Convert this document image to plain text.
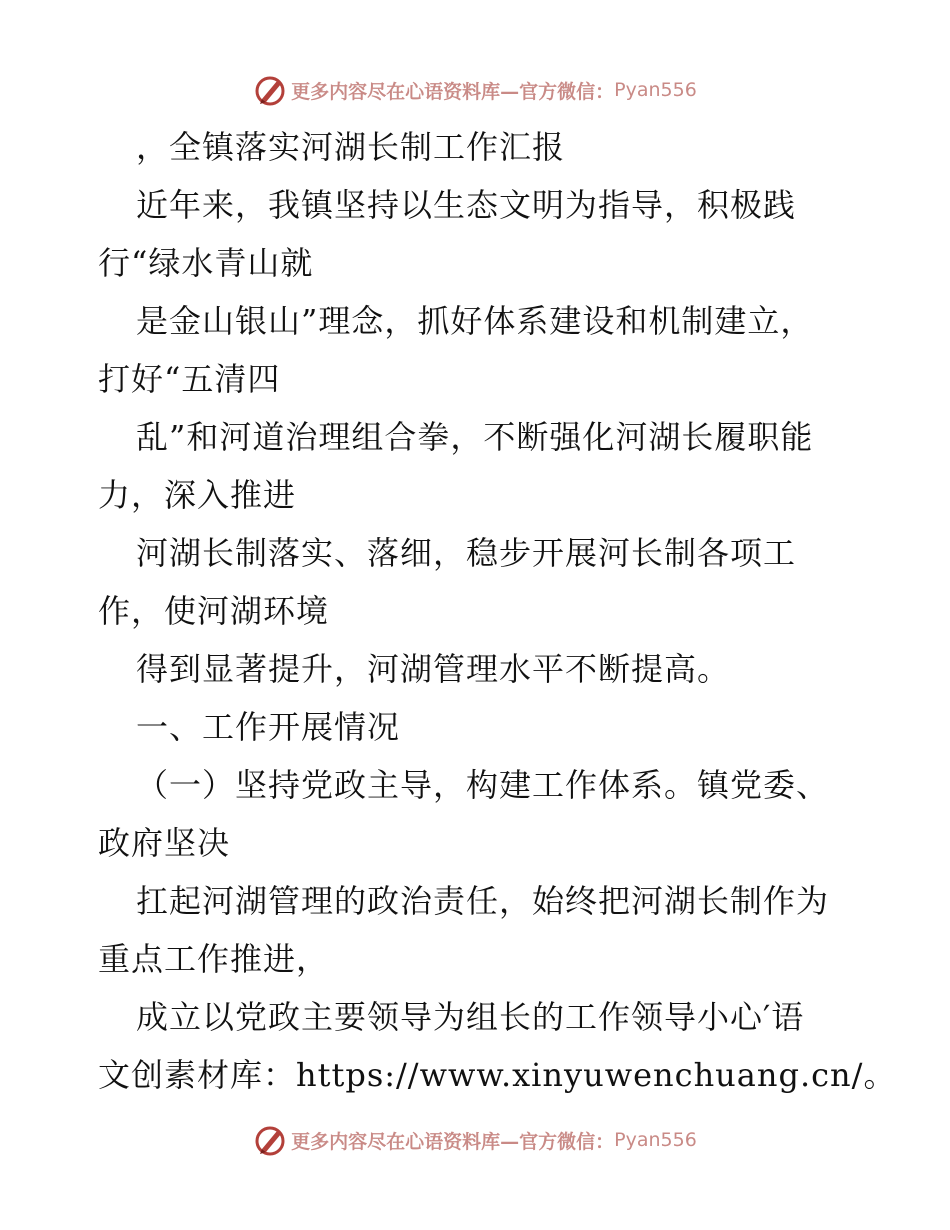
更多内容尽在心语资料库—官方微信： Pyan556
，全镇落实河湖长制工作汇报
近年来，我镇坚持以生态文明为指导，积极践
行“绿水青山就
是金山银山”理念，抓好体系建设和机制建立，
打好“五清四
乱”和河道治理组合拳，不断强化河湖长履职能
力，深入推进
河湖长制落实、落细，稳步开展河长制各项工
作，使河湖环境
得到显著提升，河湖管理水平不断提高。
一、工作开展情况
（一）坚持党政主导，构建工作体系。镇党委、
政府坚决
扛起河湖管理的政治责任，始终把河湖长制作为
重点工作推进，
成立以党政主要领导为组长的工作领导小心′语
文创素材库：https://www.xinyuwenchuang.cn/。
更多内容尽在心语资料库—官方微信： Pyan556
